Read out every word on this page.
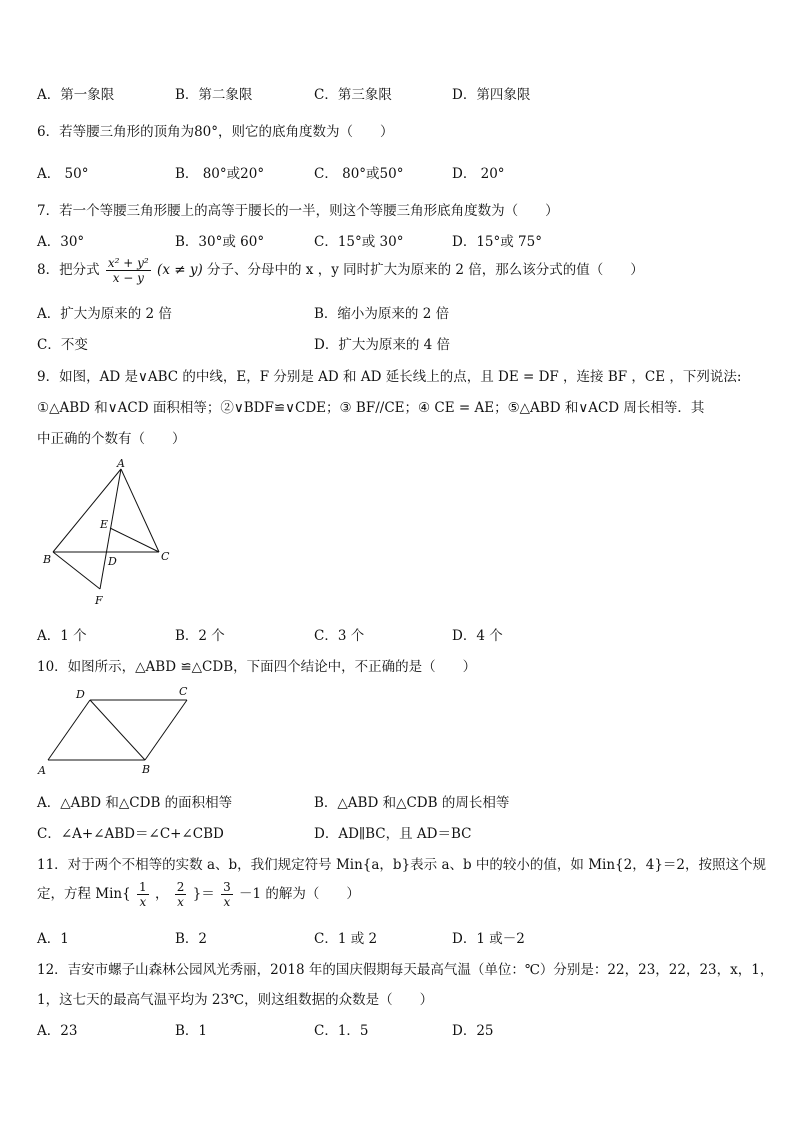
A．第一象限	B．第二象限	C．第三象限	D．第四象限
6．若等腰三角形的顶角为80°，则它的底角度数为（　　）
A． 50°	B． 80°或20°	C． 80°或50°	D． 20°
7．若一个等腰三角形腰上的高等于腰长的一半，则这个等腰三角形底角度数为（　　）
A．30°	B．30°或 60°	C．15°或 30°	D．15°或 75°
8．把分式 $\frac{\text{x² + y²}}{x - y} (x \ne y)$ 分子、分母中的 x ，y 同时扩大为原来的 2 倍，那么该分式的值（　　）
A．扩大为原来的 2 倍	B．缩小为原来的 2 倍
C．不变	D．扩大为原来的 4 倍
9．如图，AD 是∨ABC 的中线，E，F 分别是 AD 和 AD 延长线上的点，且 DE = DF ，连接 BF ，CE ，下列说法:
①△ABD 和∨ACD 面积相等；②∨BDF≌∨CDE；③ BF//CE；④ CE = AE；⑤△ABD 和∨ACD 周长相等．其
中正确的个数有（　　）
A
B	C
D
E
F
A．1 个	B．2 个	C．3 个	D．4 个
10．如图所示，△ABD ≌△CDB，下面四个结论中，不正确的是（　　）
A	B
C
D
A．△ABD 和△CDB 的面积相等	B．△ABD 和△CDB 的周长相等
C．∠A+∠ABD＝∠C+∠CBD	D．AD∥BC，且 AD＝BC
11．对于两个不相等的实数 a、b，我们规定符号 Min{a，b}表示 a、b 中的较小的值，如 Min{2，4}＝2，按照这个规
定，方程 $Min\{ \frac{1}{x}$ ， $\frac{2}{x}$ }＝ $\frac{3}{x} -1$ 的解为（　　）
A．1	B．2	C．1 或 2	D．1 或－2
12．吉安市螺子山森林公园风光秀丽，2018 年的国庆假期每天最高气温（单位：℃）分别是：22，23，22，23，x，1，
1，这七天的最高气温平均为 23℃，则这组数据的众数是（　　）
A．23	B．1	C．1．5	D．25
